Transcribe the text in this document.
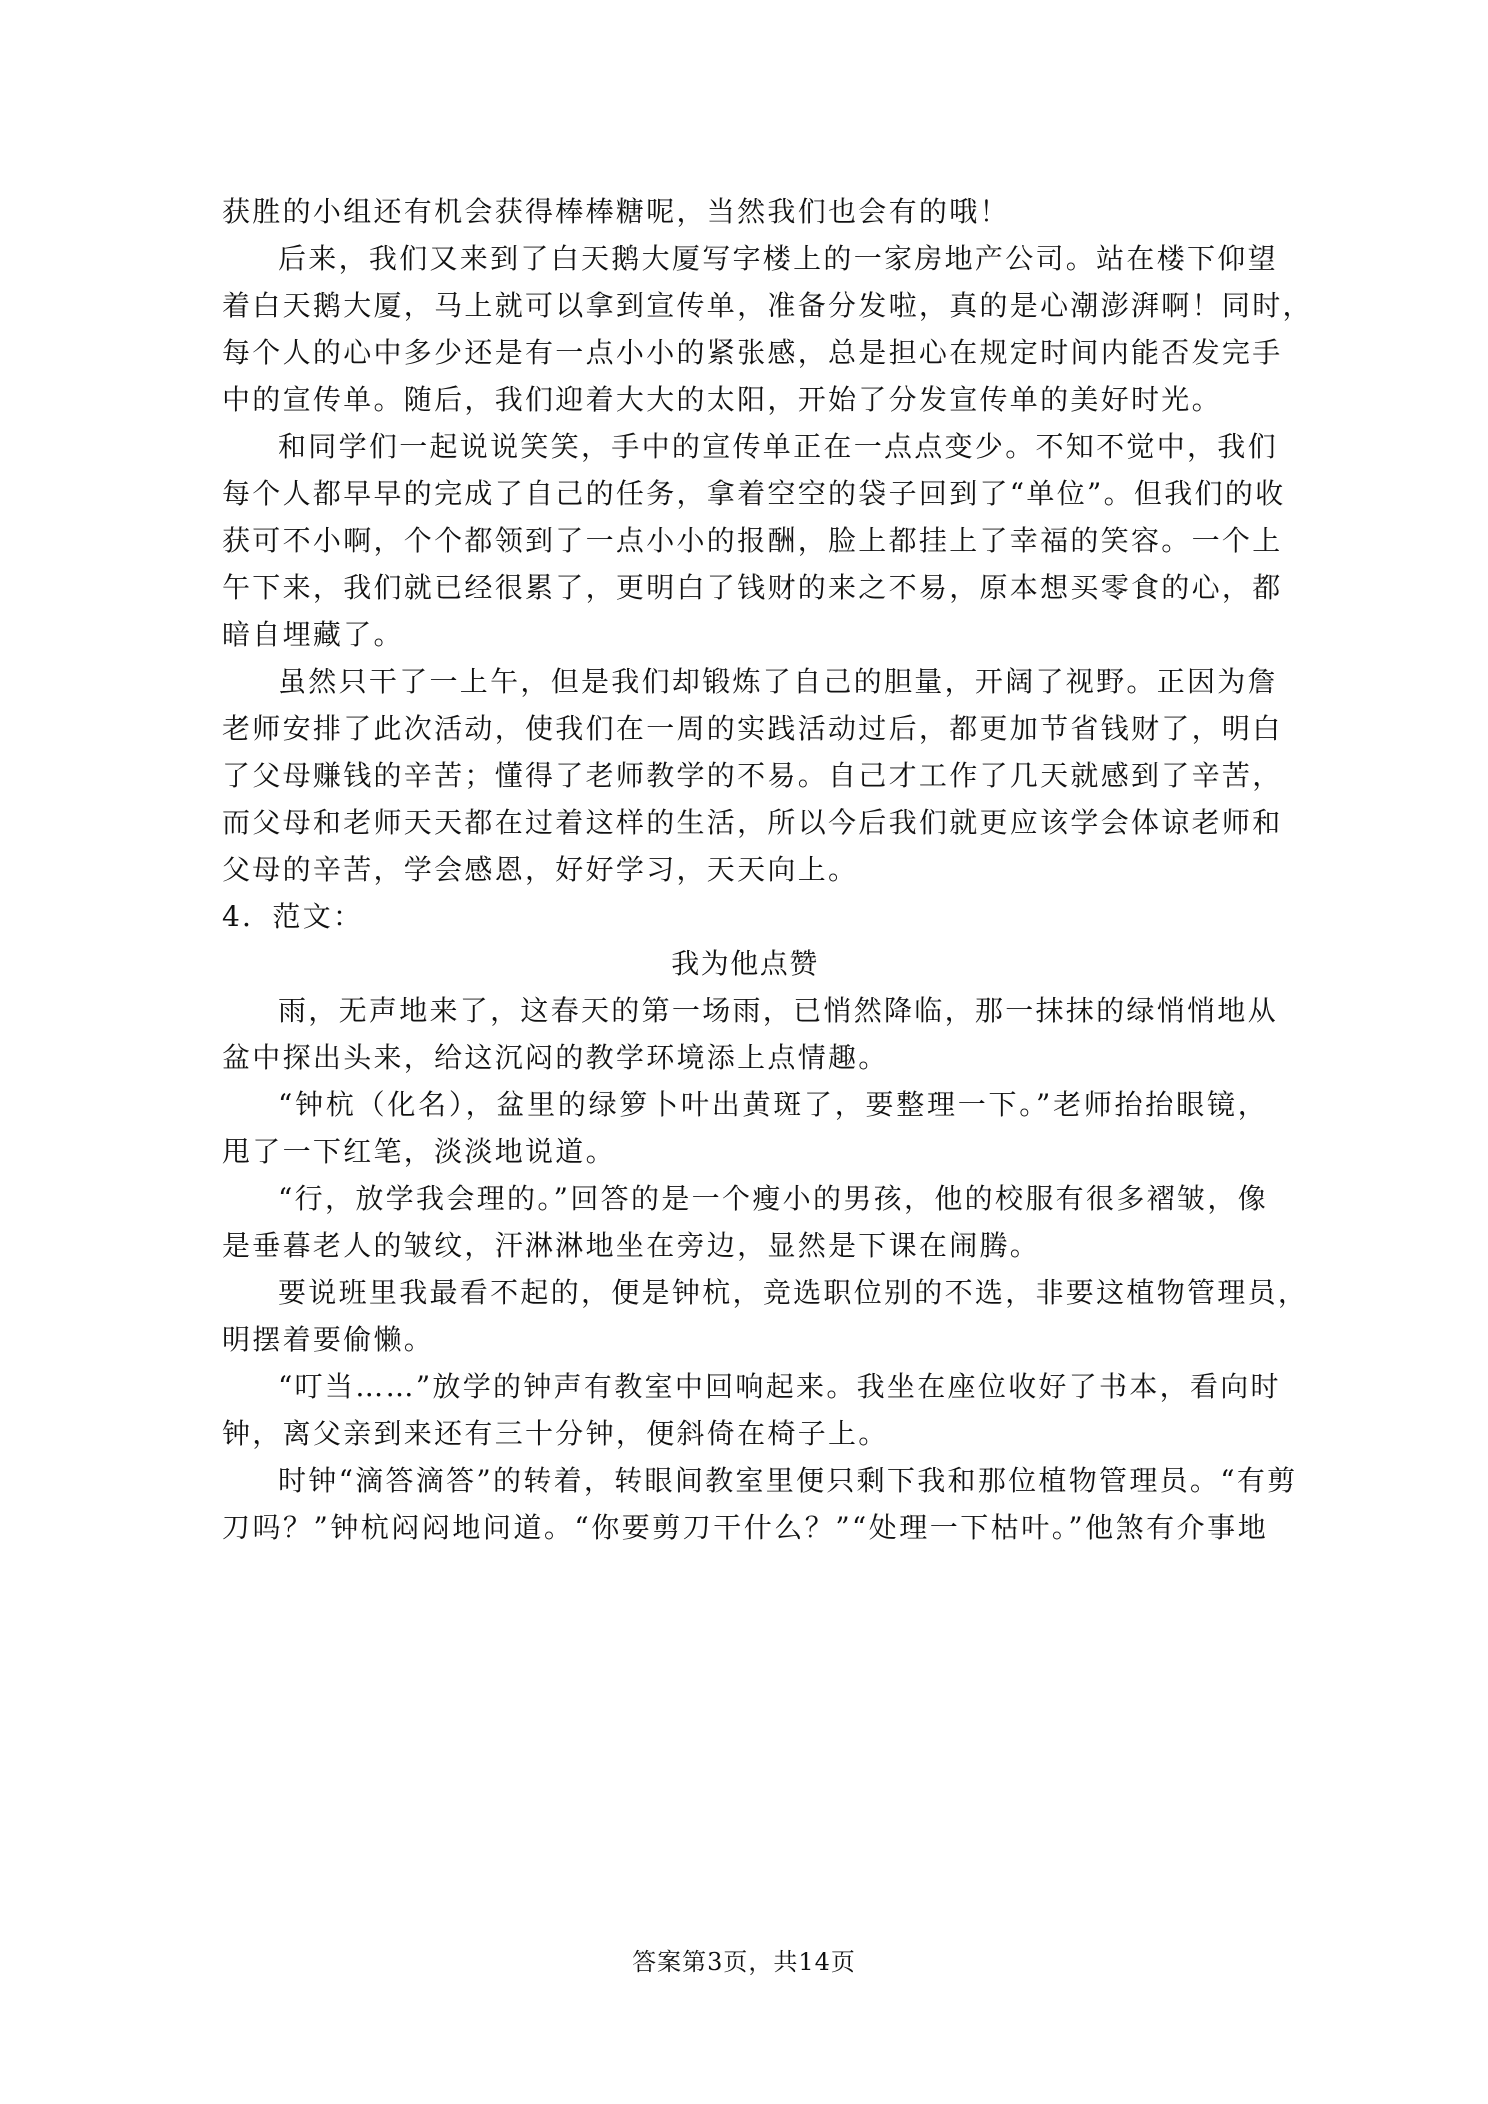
获胜的小组还有机会获得棒棒糖呢，当然我们也会有的哦！

后来，我们又来到了白天鹅大厦写字楼上的一家房地产公司。站在楼下仰望

着白天鹅大厦，马上就可以拿到宣传单，准备分发啦，真的是心潮澎湃啊！同时，

每个人的心中多少还是有一点小小的紧张感，总是担心在规定时间内能否发完手

中的宣传单。随后，我们迎着大大的太阳，开始了分发宣传单的美好时光。

和同学们一起说说笑笑，手中的宣传单正在一点点变少。不知不觉中，我们

每个人都早早的完成了自己的任务，拿着空空的袋子回到了“单位”。但我们的收

获可不小啊，个个都领到了一点小小的报酬，脸上都挂上了幸福的笑容。一个上

午下来，我们就已经很累了，更明白了钱财的来之不易，原本想买零食的心，都

暗自埋藏了。

虽然只干了一上午，但是我们却锻炼了自己的胆量，开阔了视野。正因为詹

老师安排了此次活动，使我们在一周的实践活动过后，都更加节省钱财了，明白

了父母赚钱的辛苦；懂得了老师教学的不易。自己才工作了几天就感到了辛苦，

而父母和老师天天都在过着这样的生活，所以今后我们就更应该学会体谅老师和

父母的辛苦，学会感恩，好好学习，天天向上。

4．范文：

我为他点赞

雨，无声地来了，这春天的第一场雨，已悄然降临，那一抹抹的绿悄悄地从

盆中探出头来，给这沉闷的教学环境添上点情趣。

“钟杭（化名），盆里的绿箩卜叶出黄斑了，要整理一下。”老师抬抬眼镜，

甩了一下红笔，淡淡地说道。

“行，放学我会理的。”回答的是一个瘦小的男孩，他的校服有很多褶皱，像

是垂暮老人的皱纹，汗淋淋地坐在旁边，显然是下课在闹腾。

要说班里我最看不起的，便是钟杭，竞选职位别的不选，非要这植物管理员，

明摆着要偷懒。

“叮当……”放学的钟声有教室中回响起来。我坐在座位收好了书本，看向时

钟，离父亲到来还有三十分钟，便斜倚在椅子上。

时钟“滴答滴答”的转着，转眼间教室里便只剩下我和那位植物管理员。“有剪

刀吗？”钟杭闷闷地问道。“你要剪刀干什么？”“处理一下枯叶。”他煞有介事地

答案第3页，共14页
